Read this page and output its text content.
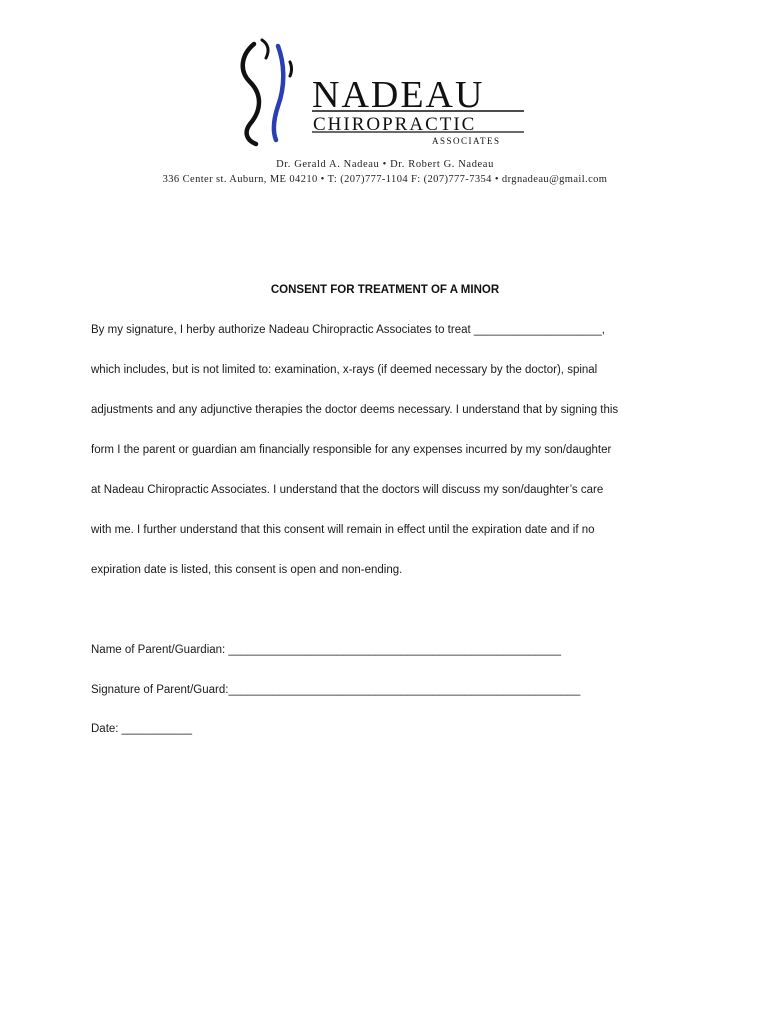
NADEAU
CHIROPRACTIC
ASSOCIATES
Dr. Gerald A. Nadeau • Dr. Robert G. Nadeau
336 Center st. Auburn, ME 04210 • T: (207)777-1104 F: (207)777-7354 • drgnadeau@gmail.com
CONSENT FOR TREATMENT OF A MINOR
By my signature, I herby authorize Nadeau Chiropractic Associates to treat ____________________,
which includes, but is not limited to: examination, x-rays (if deemed necessary by the doctor), spinal
adjustments and any adjunctive therapies the doctor deems necessary. I understand that by signing this
form I the parent or guardian am financially responsible for any expenses incurred by my son/daughter
at Nadeau Chiropractic Associates. I understand that the doctors will discuss my son/daughter’s care
with me. I further understand that this consent will remain in effect until the expiration date and if no
expiration date is listed, this consent is open and non-ending.
Name of Parent/Guardian: ____________________________________________________
Signature of Parent/Guard:_______________________________________________________
Date: ___________
